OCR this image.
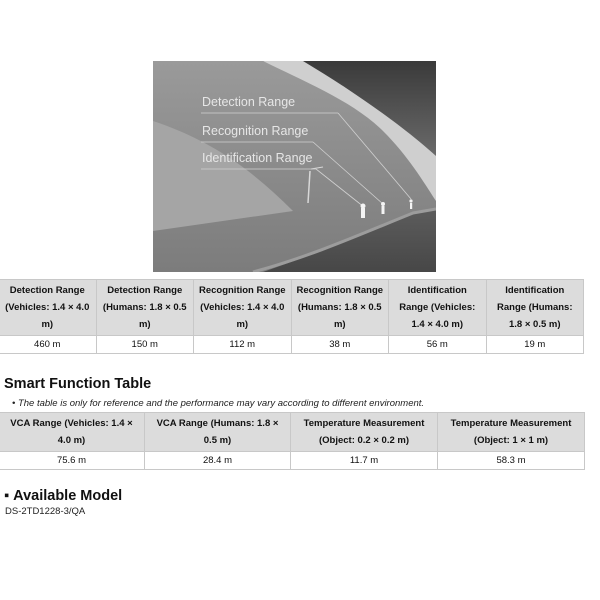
Detection Range
Recognition Range
Identification Range
Detection Range (Vehicles: 1.4 × 4.0 m)	Detection Range (Humans: 1.8 × 0.5 m)	Recognition Range (Vehicles: 1.4 × 4.0 m)	Recognition Range (Humans: 1.8 × 0.5 m)	Identification Range (Vehicles: 1.4 × 4.0 m)	Identification Range (Humans: 1.8 × 0.5 m)
460 m	150 m	112 m	38 m	56 m	19 m
Smart Function Table
• The table is only for reference and the performance may vary according to different environment.
VCA Range (Vehicles: 1.4 × 4.0 m)	VCA Range (Humans: 1.8 × 0.5 m)	Temperature Measurement (Object: 0.2 × 0.2 m)	Temperature Measurement (Object: 1 × 1 m)
75.6 m	28.4 m	11.7 m	58.3 m
▪ Available Model
DS-2TD1228-3/QA
